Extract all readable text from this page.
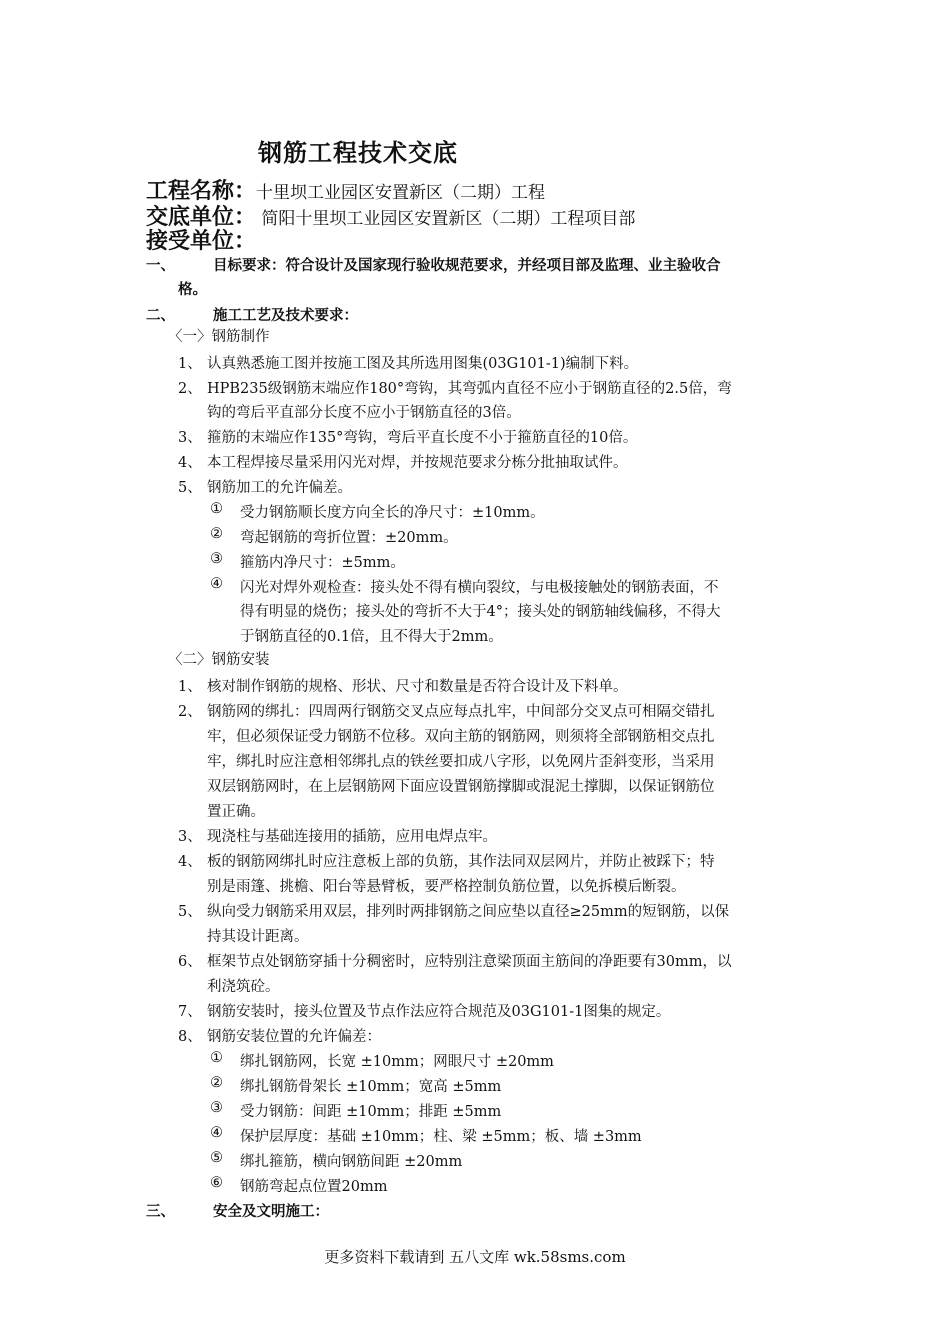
钢筋工程技术交底
工程名称：十里坝工业园区安置新区（二期）工程
交底单位： 简阳十里坝工业园区安置新区（二期）工程项目部
接受单位：
一、	目标要求：符合设计及国家现行验收规范要求，并经项目部及监理、业主验收合
格。
二、	施工工艺及技术要求：
〈一〉钢筋制作
1、 认真熟悉施工图并按施工图及其所选用图集(03G101-1)编制下料。
2、 HPB235级钢筋末端应作180°弯钩，其弯弧内直径不应小于钢筋直径的2.5倍，弯
钩的弯后平直部分长度不应小于钢筋直径的3倍。
3、 箍筋的末端应作135°弯钩，弯后平直长度不小于箍筋直径的10倍。
4、 本工程焊接尽量采用闪光对焊，并按规范要求分栋分批抽取试件。
5、 钢筋加工的允许偏差。
① 受力钢筋顺长度方向全长的净尺寸：±10mm。
② 弯起钢筋的弯折位置：±20mm。
③ 箍筋内净尺寸：±5mm。
④ 闪光对焊外观检查：接头处不得有横向裂纹，与电极接触处的钢筋表面，不
得有明显的烧伤；接头处的弯折不大于4°；接头处的钢筋轴线偏移，不得大
于钢筋直径的0.1倍，且不得大于2mm。
〈二〉钢筋安装
1、 核对制作钢筋的规格、形状、尺寸和数量是否符合设计及下料单。
2、 钢筋网的绑扎：四周两行钢筋交叉点应每点扎牢，中间部分交叉点可相隔交错扎
牢，但必须保证受力钢筋不位移。双向主筋的钢筋网，则须将全部钢筋相交点扎
牢，绑扎时应注意相邻绑扎点的铁丝要扣成八字形，以免网片歪斜变形，当采用
双层钢筋网时，在上层钢筋网下面应设置钢筋撑脚或混泥土撑脚，以保证钢筋位
置正确。
3、 现浇柱与基础连接用的插筋，应用电焊点牢。
4、 板的钢筋网绑扎时应注意板上部的负筋，其作法同双层网片，并防止被踩下；特
别是雨篷、挑檐、阳台等悬臂板，要严格控制负筋位置，以免拆模后断裂。
5、 纵向受力钢筋采用双层，排列时两排钢筋之间应垫以直径≥25mm的短钢筋，以保
持其设计距离。
6、 框架节点处钢筋穿插十分稠密时，应特别注意梁顶面主筋间的净距要有30mm，以
利浇筑砼。
7、 钢筋安装时，接头位置及节点作法应符合规范及03G101-1图集的规定。
8、 钢筋安装位置的允许偏差：
① 绑扎钢筋网，长宽 ±10mm；网眼尺寸 ±20mm
② 绑扎钢筋骨架长 ±10mm；宽高 ±5mm
③ 受力钢筋：间距 ±10mm；排距 ±5mm
④ 保护层厚度：基础 ±10mm；柱、梁 ±5mm；板、墙 ±3mm
⑤ 绑扎箍筋，横向钢筋间距 ±20mm
⑥ 钢筋弯起点位置20mm
三、	安全及文明施工：
更多资料下载请到 五八文库 wk.58sms.com
